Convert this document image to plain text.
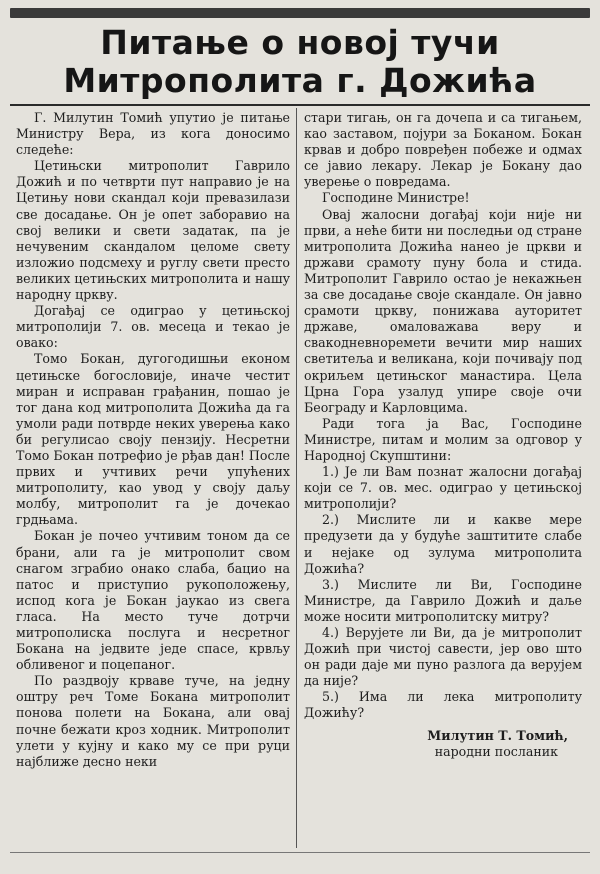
Питање о новој тучи
Митрополита г. Дожића

Г. Милутин Томић упутио је питање Министру Вера, из кога доносимо следеће:

Цетињски митрополит Гаврило Дожић и по четврти пут направио је на Цетињу нови скандал који превазилази све досадање. Он је опет заборавио на свој велики и свети задатак, па је нечувеним скандалом целоме свету изложио подсмеху и руглу свети престо великих цетињских митрополита и нашу народну цркву.

Догађај се одиграо у цетињској митрополији 7. ов. месеца и текао је овако:

Томо Бокан, дугогодишњи економ цетињске богословије, иначе честит миран и исправан грађанин, пошао је тог дана код митрополита Дожића да га умоли ради потврде неких уверења како би регулисао своју пензију. Несретни Томо Бокан потрефио је рђав дан! После првих и учтивих речи упућених митрополиту, као увод у своју даљу молбу, митрополит га је дочекао грдњама.

Бокан је почео учтивим тоном да се брани, али га је митрополит свом снагом зграбио онако слаба, бацио на патос и приступио рукоположењу, испод кога је Бокан јаукао из свега гласа. На место туче дотрчи митрополиска послуга и несретног Бокана на једвите једе спасе, крвљу обливеног и поцепаног.

По раздвоју крваве туче, на једну оштру реч Томе Бокана митрополит понова полети на Бокана, али овај почне бежати кроз ходник. Митрополит улети у кујну и како му се при руци најближе десно неки

стари тигањ, он га дочепа и са тигањем, као заставом, појури за Боканом. Бокан крвав и добро повређен побеже и одмах се јавио лекару. Лекар је Бокану дао уверење о повредама.

Господине Министре!

Овај жалосни догађај који није ни први, а неће бити ни последњи од стране митрополита Дожића нанео је цркви и држави срамоту пуну бола и стида. Митрополит Гаврило остао је некажњен за све досадање своје скандале. Он јавно срамоти цркву, понижава ауторитет државе, омаловажава веру и свакодневноремети вечити мир наших светитеља и великана, који почивају под окриљем цетињског манастира. Цела Црна Гора узалуд упире своје очи Београду и Карловцима.

Ради тога ја Вас, Господине Министре, питам и молим за одговор у Народној Скупштини:

1.) Је ли Вам познат жалосни догађај који се 7. ов. мес. одиграо у цетињској митрополији?

2.) Мислите ли и какве мере предузети да у будуће заштитите слабе и нејаке од зулума митрополита Дожића?

3.) Мислите ли Ви, Господине Министре, да Гаврило Дожић и даље може носити митрополитску митру?

4.) Верујете ли Ви, да је митрополит Дожић при чистој савести, јер ово што он ради даје ми пуно разлога да верујем да није?

5.) Има ли лека митрополиту Дожићу?

Милутин Т. Томић,
народни посланик
